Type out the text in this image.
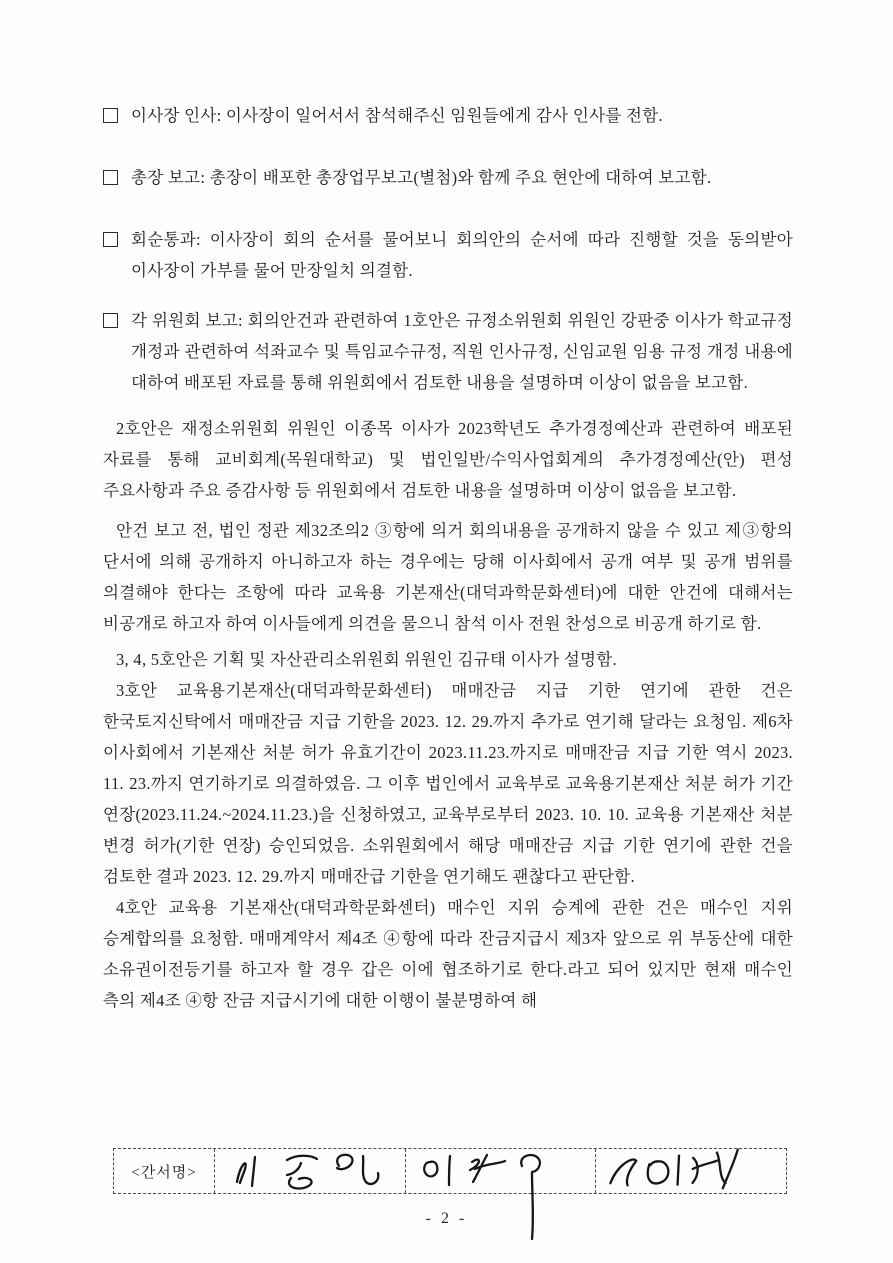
이사장 인사: 이사장이 일어서서 참석해주신 임원들에게 감사 인사를 전함.
총장 보고: 총장이 배포한 총장업무보고(별첨)와 함께 주요 현안에 대하여 보고함.
회순통과: 이사장이 회의 순서를 물어보니 회의안의 순서에 따라 진행할 것을 동의받아 이사장이 가부를 물어 만장일치 의결함.
각 위원회 보고: 회의안건과 관련하여 1호안은 규정소위원회 위원인 강판중 이사가 학교규정 개정과 관련하여 석좌교수 및 특임교수규정, 직원 인사규정, 신임교원 임용 규정 개정 내용에 대하여 배포된 자료를 통해 위원회에서 검토한 내용을 설명하며 이상이 없음을 보고함.

2호안은 재정소위원회 위원인 이종목 이사가 2023학년도 추가경정예산과 관련하여 배포된 자료를 통해 교비회계(목원대학교) 및 법인일반/수익사업회계의 추가경정예산(안) 편성 주요사항과 주요 증감사항 등 위원회에서 검토한 내용을 설명하며 이상이 없음을 보고함.

안건 보고 전, 법인 정관 제32조의2 ③항에 의거 회의내용을 공개하지 않을 수 있고 제③항의 단서에 의해 공개하지 아니하고자 하는 경우에는 당해 이사회에서 공개 여부 및 공개 범위를 의결해야 한다는 조항에 따라 교육용 기본재산(대덕과학문화센터)에 대한 안건에 대해서는 비공개로 하고자 하여 이사들에게 의견을 물으니 참석 이사 전원 찬성으로 비공개 하기로 함.

3, 4, 5호안은 기획 및 자산관리소위원회 위원인 김규태 이사가 설명함.

3호안 교육용기본재산(대덕과학문화센터) 매매잔금 지급 기한 연기에 관한 건은 한국토지신탁에서 매매잔금 지급 기한을 2023. 12. 29.까지 추가로 연기해 달라는 요청임. 제6차 이사회에서 기본재산 처분 허가 유효기간이 2023.11.23.까지로 매매잔금 지급 기한 역시 2023. 11. 23.까지 연기하기로 의결하였음. 그 이후 법인에서 교육부로 교육용기본재산 처분 허가 기간 연장(2023.11.24.~2024.11.23.)을 신청하였고, 교육부로부터 2023. 10. 10. 교육용 기본재산 처분 변경 허가(기한 연장) 승인되었음. 소위원회에서 해당 매매잔금 지급 기한 연기에 관한 건을 검토한 결과 2023. 12. 29.까지 매매잔급 기한을 연기해도 괜찮다고 판단함.

4호안 교육용 기본재산(대덕과학문화센터) 매수인 지위 승계에 관한 건은 매수인 지위 승계합의를 요청함. 매매계약서 제4조 ④항에 따라 잔금지급시 제3자 앞으로 위 부동산에 대한 소유권이전등기를 하고자 할 경우 갑은 이에 협조하기로 한다.라고 되어 있지만 현재 매수인 측의 제4조 ④항 잔금 지급시기에 대한 이행이 불분명하여 해

<간서명>
- 2 -
